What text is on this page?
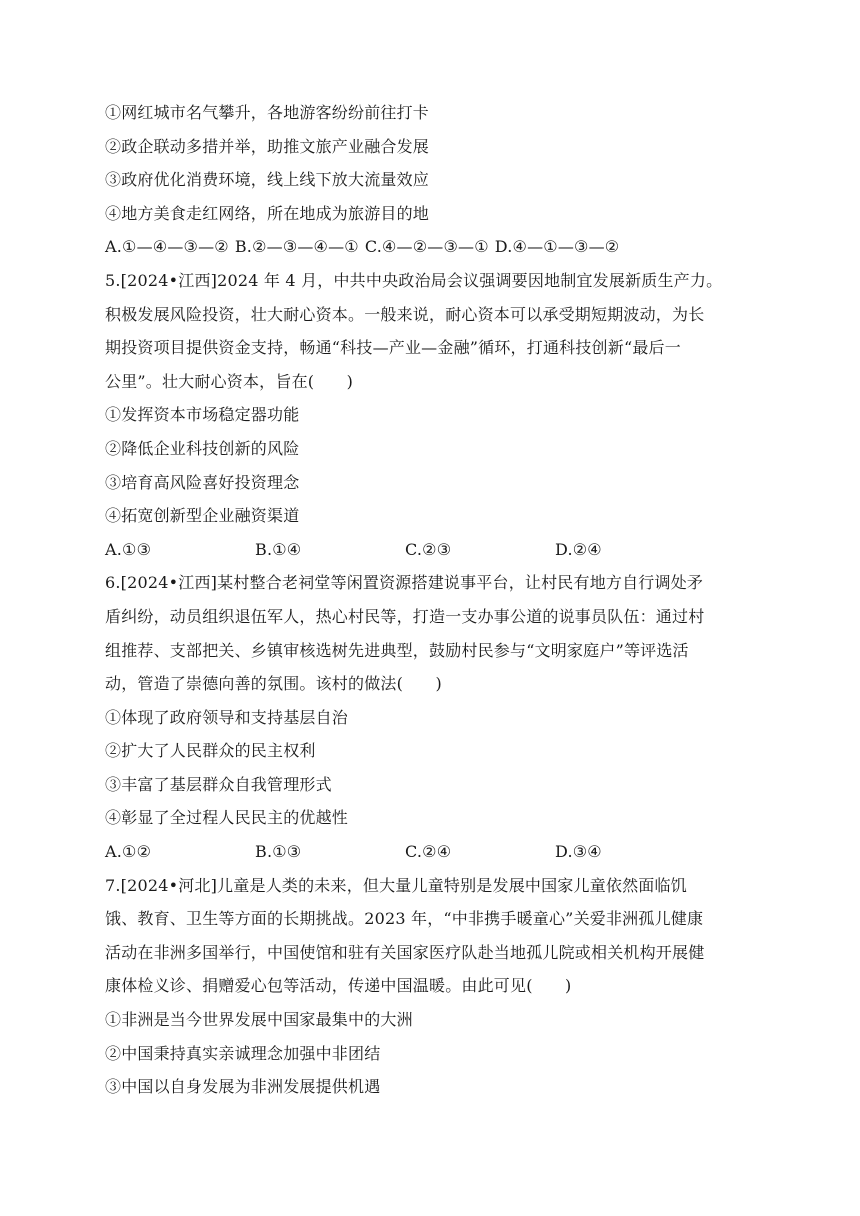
①网红城市名气攀升，各地游客纷纷前往打卡
②政企联动多措并举，助推文旅产业融合发展
③政府优化消费环境，线上线下放大流量效应
④地方美食走红网络，所在地成为旅游目的地
A.①—④—③—② B.②—③—④—① C.④—②—③—① D.④—①—③—②
5.[2024•江西]2024 年 4 月，中共中央政治局会议强调要因地制宜发展新质生产力。
积极发展风险投资，壮大耐心资本。一般来说，耐心资本可以承受期短期波动，为长
期投资项目提供资金支持，畅通“科技—产业—金融”循环，打通科技创新“最后一
公里”。壮大耐心资本，旨在(　　)
①发挥资本市场稳定器功能
②降低企业科技创新的风险
③培育高风险喜好投资理念
④拓宽创新型企业融资渠道
A.①③	B.①④	C.②③	D.②④
6.[2024•江西]某村整合老祠堂等闲置资源搭建说事平台，让村民有地方自行调处矛
盾纠纷，动员组织退伍军人，热心村民等，打造一支办事公道的说事员队伍：通过村
组推荐、支部把关、乡镇审核选树先进典型，鼓励村民参与“文明家庭户”等评选活
动，管造了崇德向善的氛围。该村的做法(　　)
①体现了政府领导和支持基层自治
②扩大了人民群众的民主权利
③丰富了基层群众自我管理形式
④彰显了全过程人民民主的优越性
A.①②	B.①③	C.②④	D.③④
7.[2024•河北]儿童是人类的未来，但大量儿童特别是发展中国家儿童依然面临饥
饿、教育、卫生等方面的长期挑战。2023 年，“中非携手暖童心”关爱非洲孤儿健康
活动在非洲多国举行，中国使馆和驻有关国家医疗队赴当地孤儿院或相关机构开展健
康体检义诊、捐赠爱心包等活动，传递中国温暖。由此可见(　　)
①非洲是当今世界发展中国家最集中的大洲
②中国秉持真实亲诚理念加强中非团结
③中国以自身发展为非洲发展提供机遇
